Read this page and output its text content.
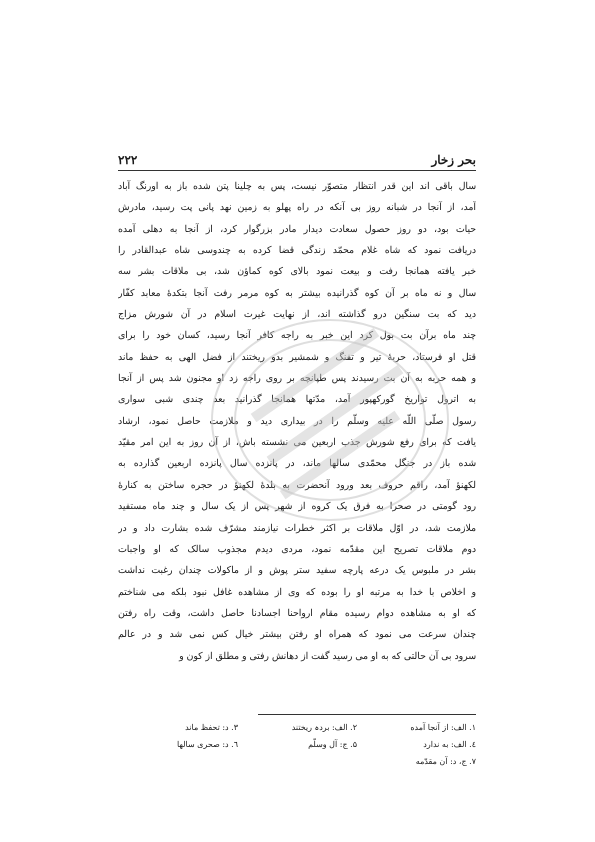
بحر زخار
۲۲۲
سال باقی اند این قدر انتظار متصوّر نیست، پس به چلینا پتن شده باز به اورنگ آباد
آمد، از آنجا در شبانه روز بی آنکه در راه پهلو به زمین نهد پانی پت رسید، مادرش
حیات بود، دو روز حصول سعادت دیدار مادر بزرگوار کرد، از آنجا به دهلی آمده
دریافت نمود که شاه غلام محمّد زندگی قضا کرده به چندوسی شاه عبدالقادر را
خبر یافته همانجا رفت و بیعت نمود بالای کوه کماؤن شد، بی ملاقات بشر سه
سال و نه ماه بر آن کوه گذرانیده بیشتر به کوه مرمر رفت آنجا بتکدهٔ معابد کفّار
دید که بت سنگین درو گذاشته اند، از نهایت غیرت اسلام در آن شورش مزاج
چند ماه برآن بت بول کرد این خبر به راجه کافر آنجا رسید، کسان خود را برای
قتل او فرستاد، حربهٔ تیر و تفنگ و شمشیر بدو ریختند از فضل الهی به حفظ ماند
و همه حربه به آن بت رسیدند پس طپانچه بر روی راجه زد او مجنون شد پس از آنجا
به اترول تواریخ گورکهپور آمد، مدّتها همانجا گذرانید بعد چندی شبی سواری
رسول صلّی اللّه علیه وسلّم را در بیداری دید و ملازمت حاصل نمود، ارشاد
یافت که برای رفع شورش جذب اربعین می نشسته باش، از آن روز به این امر مقیّد
شده باز در جنگل محمّدی سالها ماند، در پانزده سال پانزده اربعین گذارده به
لکهنؤ آمد، راقم حروف بعد ورود آنحضرت به بلدهٔ لکهنؤ در حجره ساختن به کنارهٔ
رود گومتی در صحرا به فرق یک کروه از شهر پس از یک سال و چند ماه مستفید
ملازمت شد، در اوّل ملاقات بر اکثر خطرات نیازمند مشرّف شده بشارت داد و در
دوم ملاقات تصریح این مقدّمه نمود، مردی دیدم مجذوب سالک که او واجبات
بشر در ملبوس یک درعه پارچه سفید ستر پوش و از ماکولات چندان رغبت نداشت
و اخلاص با خدا به مرتبه او را بوده که وی از مشاهده غافل نبود بلکه می شناختم
که او به مشاهده دوام رسیده مقام ارواحنا اجسادنا حاصل داشت، وقت راه رفتن
چندان سرعت می نمود که همراه او رفتن بیشتر خیال کس نمی شد و در عالم
سرود بی آن حالتی که به او می رسید گفت از دهانش رفتی و مطلق از کون و
۱. الف: از آنجا آمده
۲. الف: بردہ ریختند
۳. د: تحفظ ماند
٤. الف: به ندارد
۵. ج: آل وسلّم
٦. د: صحری سالها
۷. ج، د: آن مقدّمه
